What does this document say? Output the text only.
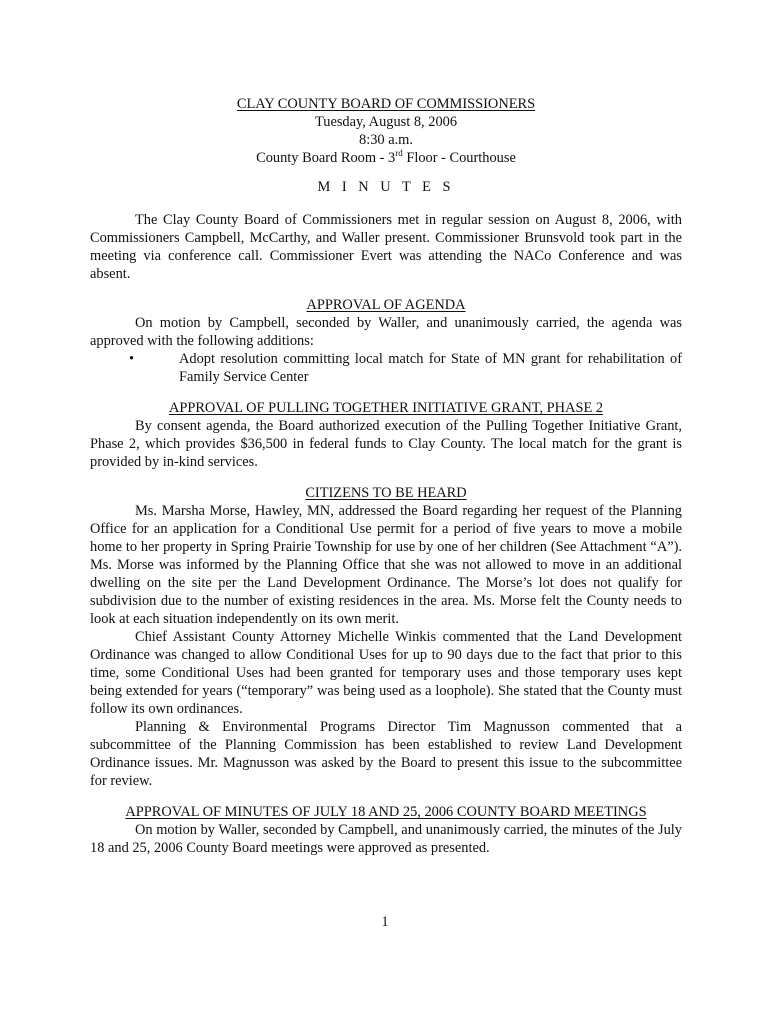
CLAY COUNTY BOARD OF COMMISSIONERS
Tuesday, August 8, 2006
8:30 a.m.
County Board Room - 3rd Floor - Courthouse
M I N U T E S

The Clay County Board of Commissioners met in regular session on August 8, 2006, with Commissioners Campbell, McCarthy, and Waller present. Commissioner Brunsvold took part in the meeting via conference call. Commissioner Evert was attending the NACo Conference and was absent.

APPROVAL OF AGENDA

On motion by Campbell, seconded by Waller, and unanimously carried, the agenda was approved with the following additions:

•	Adopt resolution committing local match for State of MN grant for rehabilitation of Family Service Center
APPROVAL OF PULLING TOGETHER INITIATIVE GRANT, PHASE 2

By consent agenda, the Board authorized execution of the Pulling Together Initiative Grant, Phase 2, which provides $36,500 in federal funds to Clay County. The local match for the grant is provided by in-kind services.

CITIZENS TO BE HEARD

Ms. Marsha Morse, Hawley, MN, addressed the Board regarding her request of the Planning Office for an application for a Conditional Use permit for a period of five years to move a mobile home to her property in Spring Prairie Township for use by one of her children (See Attachment “A”). Ms. Morse was informed by the Planning Office that she was not allowed to move in an additional dwelling on the site per the Land Development Ordinance. The Morse’s lot does not qualify for subdivision due to the number of existing residences in the area. Ms. Morse felt the County needs to look at each situation independently on its own merit.

Chief Assistant County Attorney Michelle Winkis commented that the Land Development Ordinance was changed to allow Conditional Uses for up to 90 days due to the fact that prior to this time, some Conditional Uses had been granted for temporary uses and those temporary uses kept being extended for years (“temporary” was being used as a loophole). She stated that the County must follow its own ordinances.

Planning & Environmental Programs Director Tim Magnusson commented that a subcommittee of the Planning Commission has been established to review Land Development Ordinance issues. Mr. Magnusson was asked by the Board to present this issue to the subcommittee for review.

APPROVAL OF MINUTES OF JULY 18 AND 25, 2006 COUNTY BOARD MEETINGS

On motion by Waller, seconded by Campbell, and unanimously carried, the minutes of the July 18 and 25, 2006 County Board meetings were approved as presented.

1
